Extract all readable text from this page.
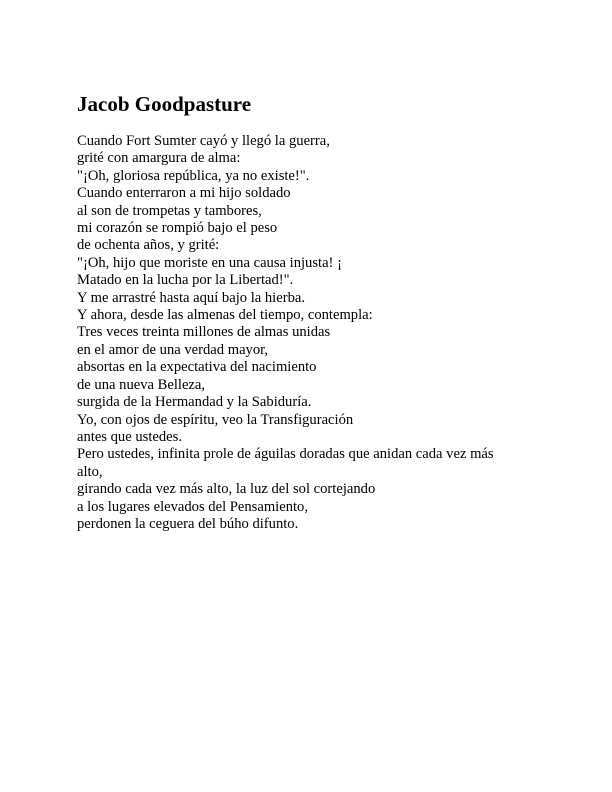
Jacob Goodpasture
Cuando Fort Sumter cayó y llegó la guerra,
grité con amargura de alma:
"¡Oh, gloriosa república, ya no existe!".
Cuando enterraron a mi hijo soldado
al son de trompetas y tambores,
mi corazón se rompió bajo el peso
de ochenta años, y grité:
"¡Oh, hijo que moriste en una causa injusta! ¡
Matado en la lucha por la Libertad!".
Y me arrastré hasta aquí bajo la hierba.
Y ahora, desde las almenas del tiempo, contempla:
Tres veces treinta millones de almas unidas
en el amor de una verdad mayor,
absortas en la expectativa del nacimiento
de una nueva Belleza,
surgida de la Hermandad y la Sabiduría.
Yo, con ojos de espíritu, veo la Transfiguración
antes que ustedes.
Pero ustedes, infinita prole de águilas doradas que anidan cada vez más
alto,
girando cada vez más alto, la luz del sol cortejando
a los lugares elevados del Pensamiento,
perdonen la ceguera del búho difunto.
